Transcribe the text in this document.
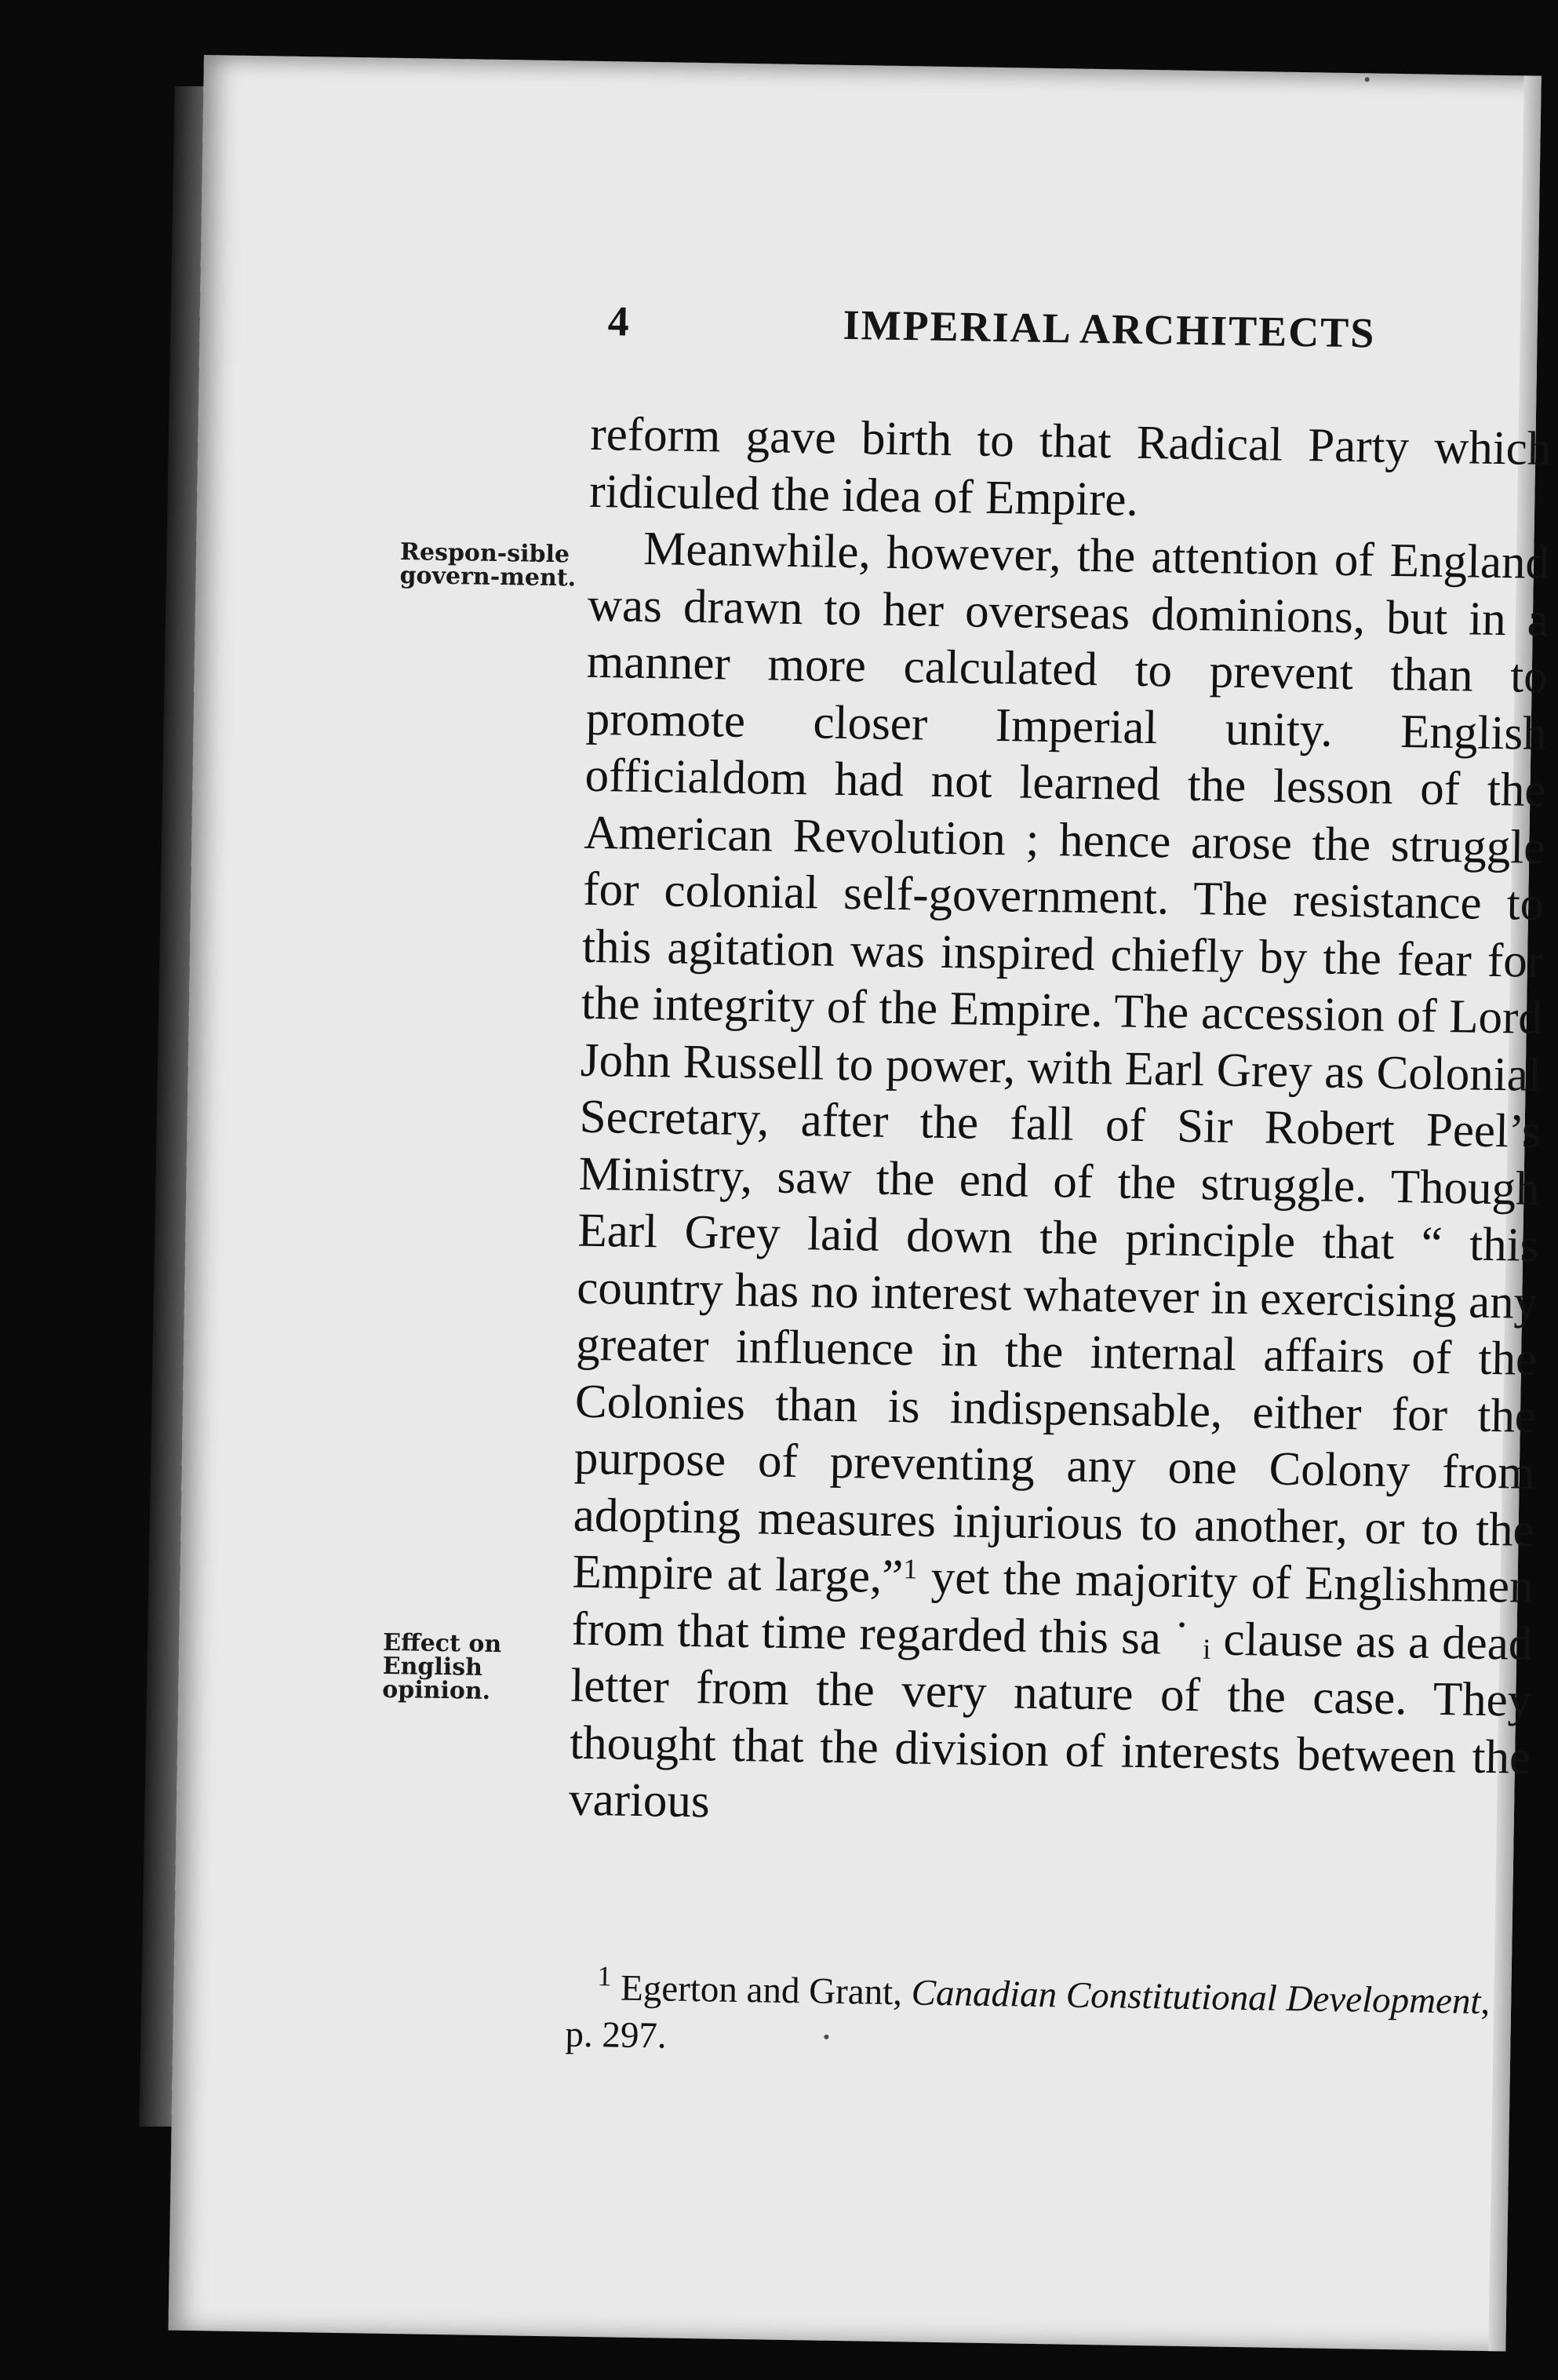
4	IMPERIAL ARCHITECTS
Respon-sible govern-ment.
Effect on English opinion.

reform gave birth to that Radical Party which ridiculed the idea of Empire.

Meanwhile, however, the attention of England was drawn to her overseas dominions, but in a manner more calculated to prevent than to promote closer Imperial unity. English officialdom had not learned the lesson of the American Revolution ; hence arose the struggle for colonial self-government. The resistance to this agitation was inspired chiefly by the fear for the integrity of the Empire. The accession of Lord John Russell to power, with Earl Grey as Colonial Secretary, after the fall of Sir Robert Peel’s Ministry, saw the end of the struggle. Though Earl Grey laid down the principle that “ this country has no interest whatever in exercising any greater influence in the internal affairs of the Colonies than is indispensable, either for the purpose of preventing any one Colony from adopting measures injurious to another, or to the Empire at large,”$^1$ yet the majority of Englishmen from that time regarded this sa ˙ ᵢ clause as a dead letter from the very nature of the case. They thought that the division of interests between the various

$^1$ Egerton and Grant, Canadian Constitutional Development, p. 297.
